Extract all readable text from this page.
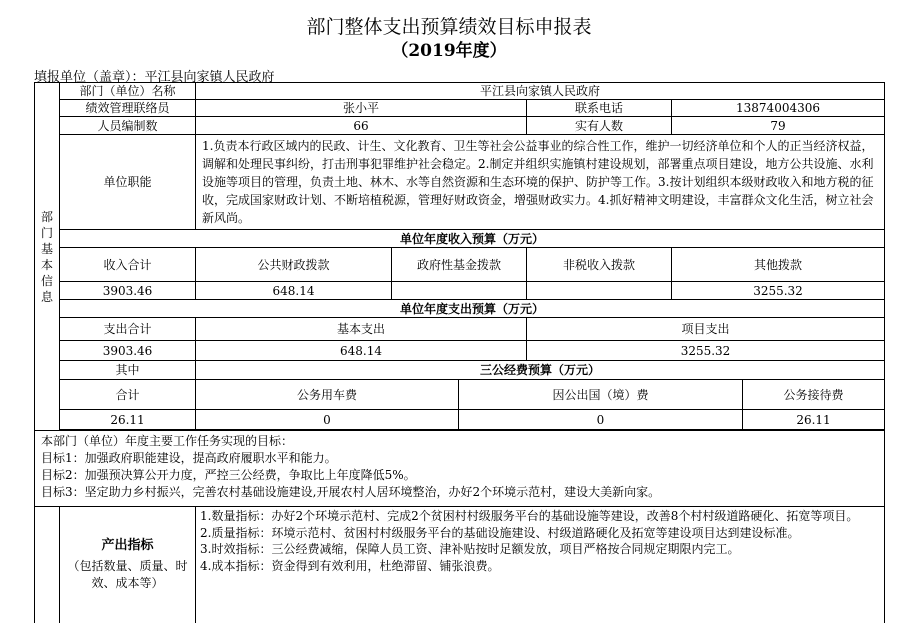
部门整体支出预算绩效目标申报表
（2019年度）
填报单位（盖章）：平江县向家镇人民政府
部门基本信息	部门（单位）名称	平江县向家镇人民政府					
	绩效管理联络员	张小平			联系电话	13874004306	
	人员编制数	66			实有人数	79	
	单位职能	1.负责本行政区域内的民政、计生、文化教育、卫生等社会公益事业的综合性工作，维护一切经济单位和个人的正当经济权益，调解和处理民事纠纷，打击刑事犯罪维护社会稳定。2.制定并组织实施镇村建设规划，部署重点项目建设，地方公共设施、水利设施等项目的管理，负责土地、林木、水等自然资源和生态环境的保护、防护等工作。3.按计划组织本级财政收入和地方税的征收，完成国家财政计划、不断培植税源，管理好财政资金，增强财政实力。4.抓好精神文明建设，丰富群众文化生活，树立社会新风尚。					
	单位年度收入预算（万元）						
	收入合计	公共财政拨款	政府性基金拨款		非税收入拨款	其他拨款	
	3903.46	648.14				3255.32	
	单位年度支出预算（万元）						
	支出合计	基本支出			项目支出		
	3903.46	648.14			3255.32		
	其中	三公经费预算（万元）					
	合计	公务用车费		因公出国（境）费			公务接待费
	26.11	0		0			26.11

本部门（单位）年度主要工作任务实现的目标：
目标1：加强政府职能建设，提高政府履职水平和能力。
目标2：加强预决算公开力度，严控三公经费，争取比上年度降低5%。
目标3：坚定助力乡村振兴，完善农村基础设施建设,开展农村人居环境整治，办好2个环境示范村，建设大美新向家。							

	产出指标
（包括数量、质量、时效、成本等）	1.数量指标：办好2个环境示范村、完成2个贫困村村级服务平台的基础设施等建设，改善8个村村级道路硬化、拓宽等项目。
2.质量指标：环境示范村、贫困村村级服务平台的基础设施建设、村级道路硬化及拓宽等建设项目达到建设标准。
3.时效指标：三公经费减缩，保障人员工资、津补贴按时足额发放，项目严格按合同规定期限内完工。
4.成本指标：资金得到有效利用，杜绝滞留、铺张浪费。					
